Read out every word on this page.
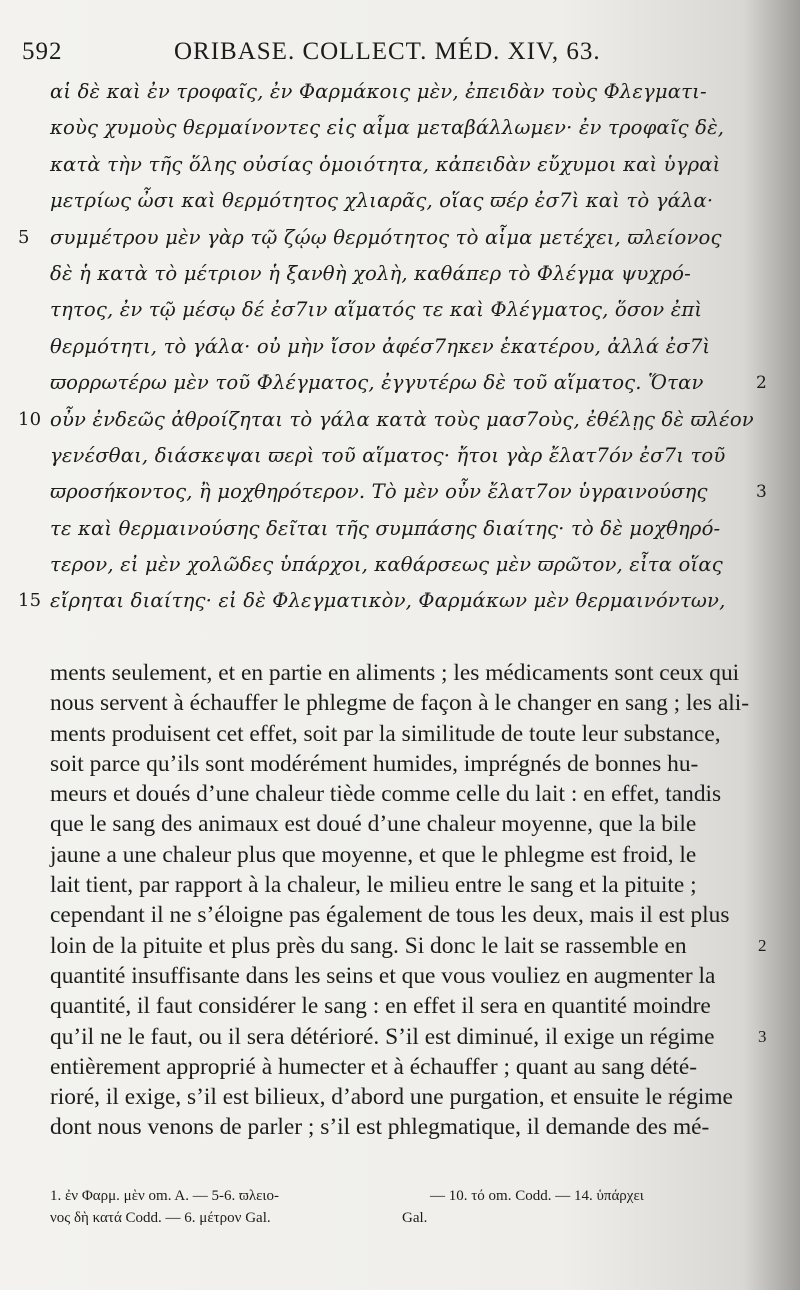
592	ORIBASE. COLLECT. MÉD. XIV, 63.
αἱ δὲ καὶ ἐν τροφαῖς, ἐν Φαρμάκοις μὲν, ἐπειδὰν τοὺς Φλεγματι-
κοὺς χυμοὺς θερμαίνοντες εἰς αἷμα μεταβάλλωμεν· ἐν τροφαῖς δὲ,
κατὰ τὴν τῆς ὅλης οὐσίας ὁμοιότητα, κἀπειδὰν εὔχυμοι καὶ ὑγραὶ
μετρίως ὦσι καὶ θερμότητος χλιαρᾶς, οἵας ϖέρ ἐσ7ὶ καὶ τὸ γάλα·
5 συμμέτρου μὲν γὰρ τῷ ζῴῳ θερμότητος τὸ αἷμα μετέχει, ϖλείονος
δὲ ἡ κατὰ τὸ μέτριον ἡ ξανθὴ χολὴ, καθάπερ τὸ Φλέγμα ψυχρό-
τητος, ἐν τῷ μέσῳ δέ ἐσ7ιν αἵματός τε καὶ Φλέγματος, ὅσον ἐπὶ
θερμότητι, τὸ γάλα· οὐ μὴν ἴσον ἀφέσ7ηκεν ἑκατέρου, ἀλλά ἐσ7ὶ
ϖορρωτέρω μὲν τοῦ Φλέγματος, ἐγγυτέρω δὲ τοῦ αἵματος. Ὅταν	2
10 οὖν ἐνδεῶς ἀθροίζηται τὸ γάλα κατὰ τοὺς μασ7οὺς, ἐθέλῃς δὲ ϖλέον
γενέσθαι, διάσκεψαι ϖερὶ τοῦ αἵματος· ἤτοι γὰρ ἔλατ7όν ἐσ7ι τοῦ
ϖροσήκοντος, ἢ μοχθηρότερον. Τὸ μὲν οὖν ἔλατ7ον ὑγραινούσης	3
τε καὶ θερμαινούσης δεῖται τῆς συμπάσης διαίτης· τὸ δὲ μοχθηρό-
τερον, εἰ μὲν χολῶδες ὑπάρχοι, καθάρσεως μὲν ϖρῶτον, εἶτα οἵας
15 εἴρηται διαίτης· εἰ δὲ Φλεγματικὸν, Φαρμάκων μὲν θερμαινόντων,
ments seulement, et en partie en aliments ; les médicaments sont ceux qui
nous servent à échauffer le phlegme de façon à le changer en sang ; les ali-
ments produisent cet effet, soit par la similitude de toute leur substance,
soit parce qu’ils sont modérément humides, imprégnés de bonnes hu-
meurs et doués d’une chaleur tiède comme celle du lait : en effet, tandis
que le sang des animaux est doué d’une chaleur moyenne, que la bile
jaune a une chaleur plus que moyenne, et que le phlegme est froid, le
lait tient, par rapport à la chaleur, le milieu entre le sang et la pituite ;
cependant il ne s’éloigne pas également de tous les deux, mais il est plus
loin de la pituite et plus près du sang. Si donc le lait se rassemble en	2
quantité insuffisante dans les seins et que vous vouliez en augmenter la
quantité, il faut considérer le sang : en effet il sera en quantité moindre
qu’il ne le faut, ou il sera détérioré. S’il est diminué, il exige un régime	3
entièrement approprié à humecter et à échauffer ; quant au sang dété-
rioré, il exige, s’il est bilieux, d’abord une purgation, et ensuite le régime
dont nous venons de parler ; s’il est phlegmatique, il demande des mé-
1. ἐν Φαρμ. μὲν om. A. — 5-6. ϖλειο-	— 10. τό om. Codd. — 14. ὑπάρχει
νος δὴ κατά Codd. — 6. μέτρον Gal.	Gal.
